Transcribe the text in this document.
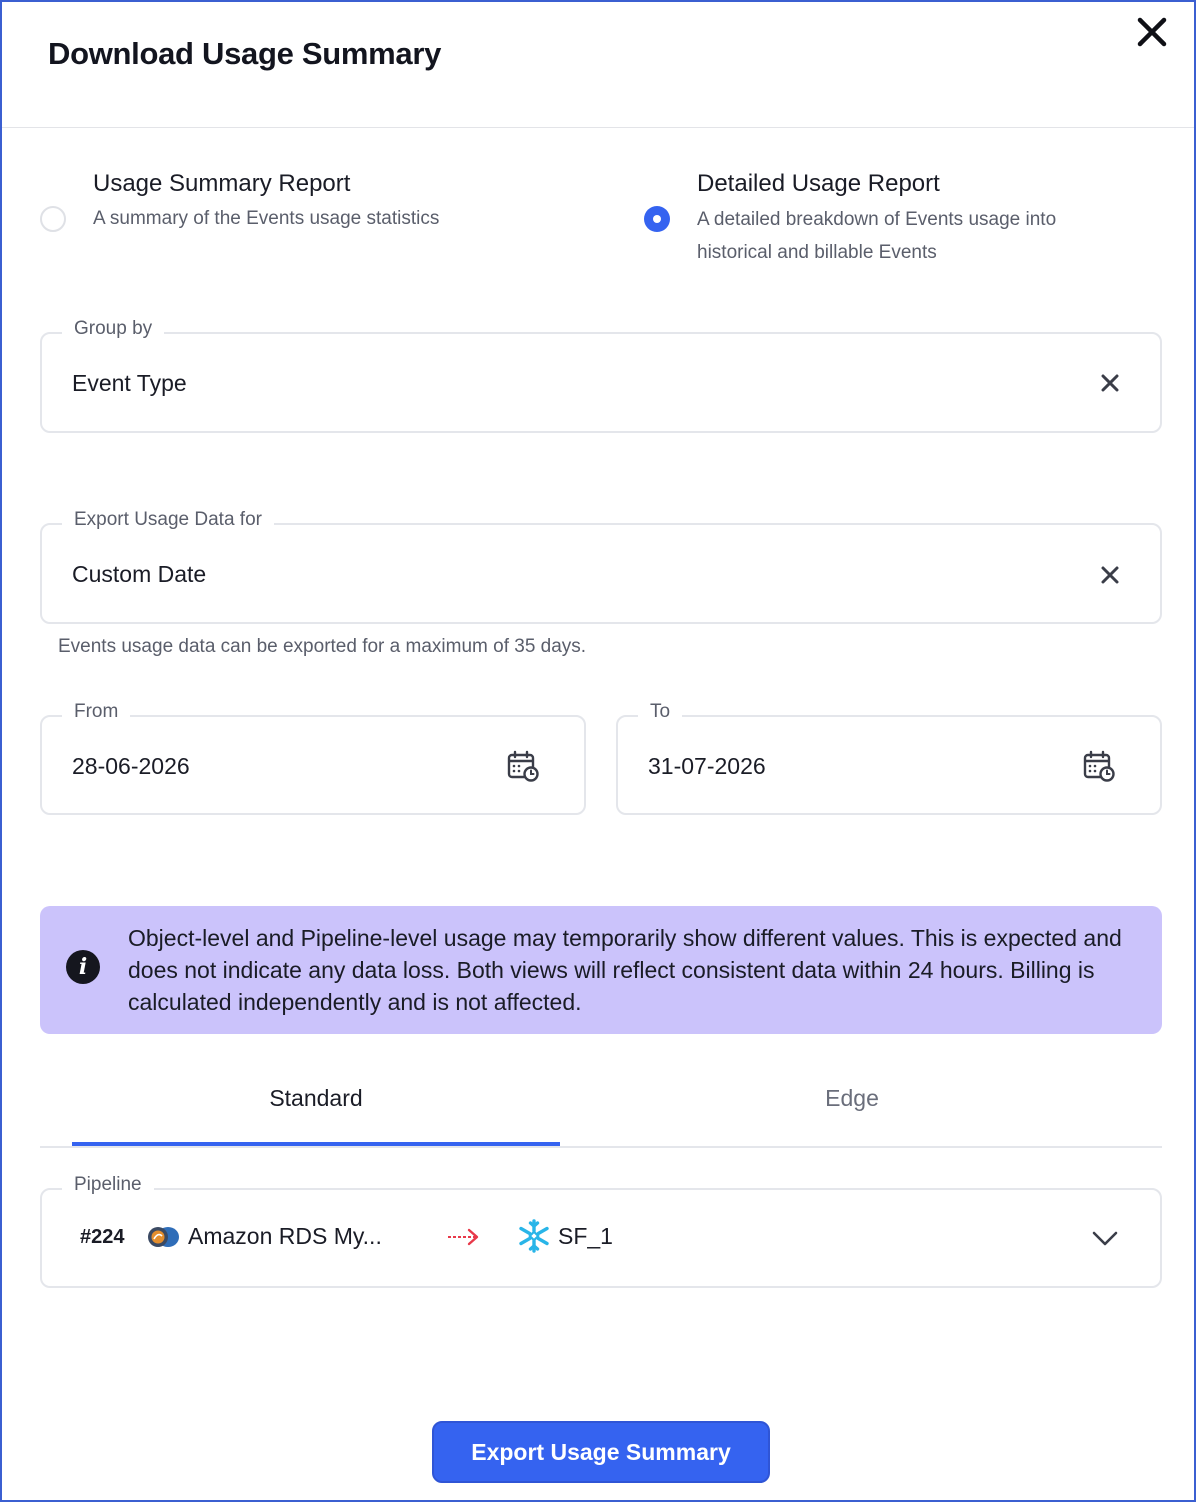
Download Usage Summary
Usage Summary Report
A summary of the Events usage statistics
Detailed Usage Report
A detailed breakdown of Events usage into
historical and billable Events
Group by
Event Type
Export Usage Data for
Custom Date
Events usage data can be exported for a maximum of 35 days.
From
28-06-2026
To
31-07-2026
i
Object-level and Pipeline-level usage may temporarily show different values. This is expected and does not indicate any data loss. Both views will reflect consistent data within 24 hours. Billing is calculated independently and is not affected.
Standard	Edge
Pipeline
#224	Amazon RDS My...	SF_1
Export Usage Summary
